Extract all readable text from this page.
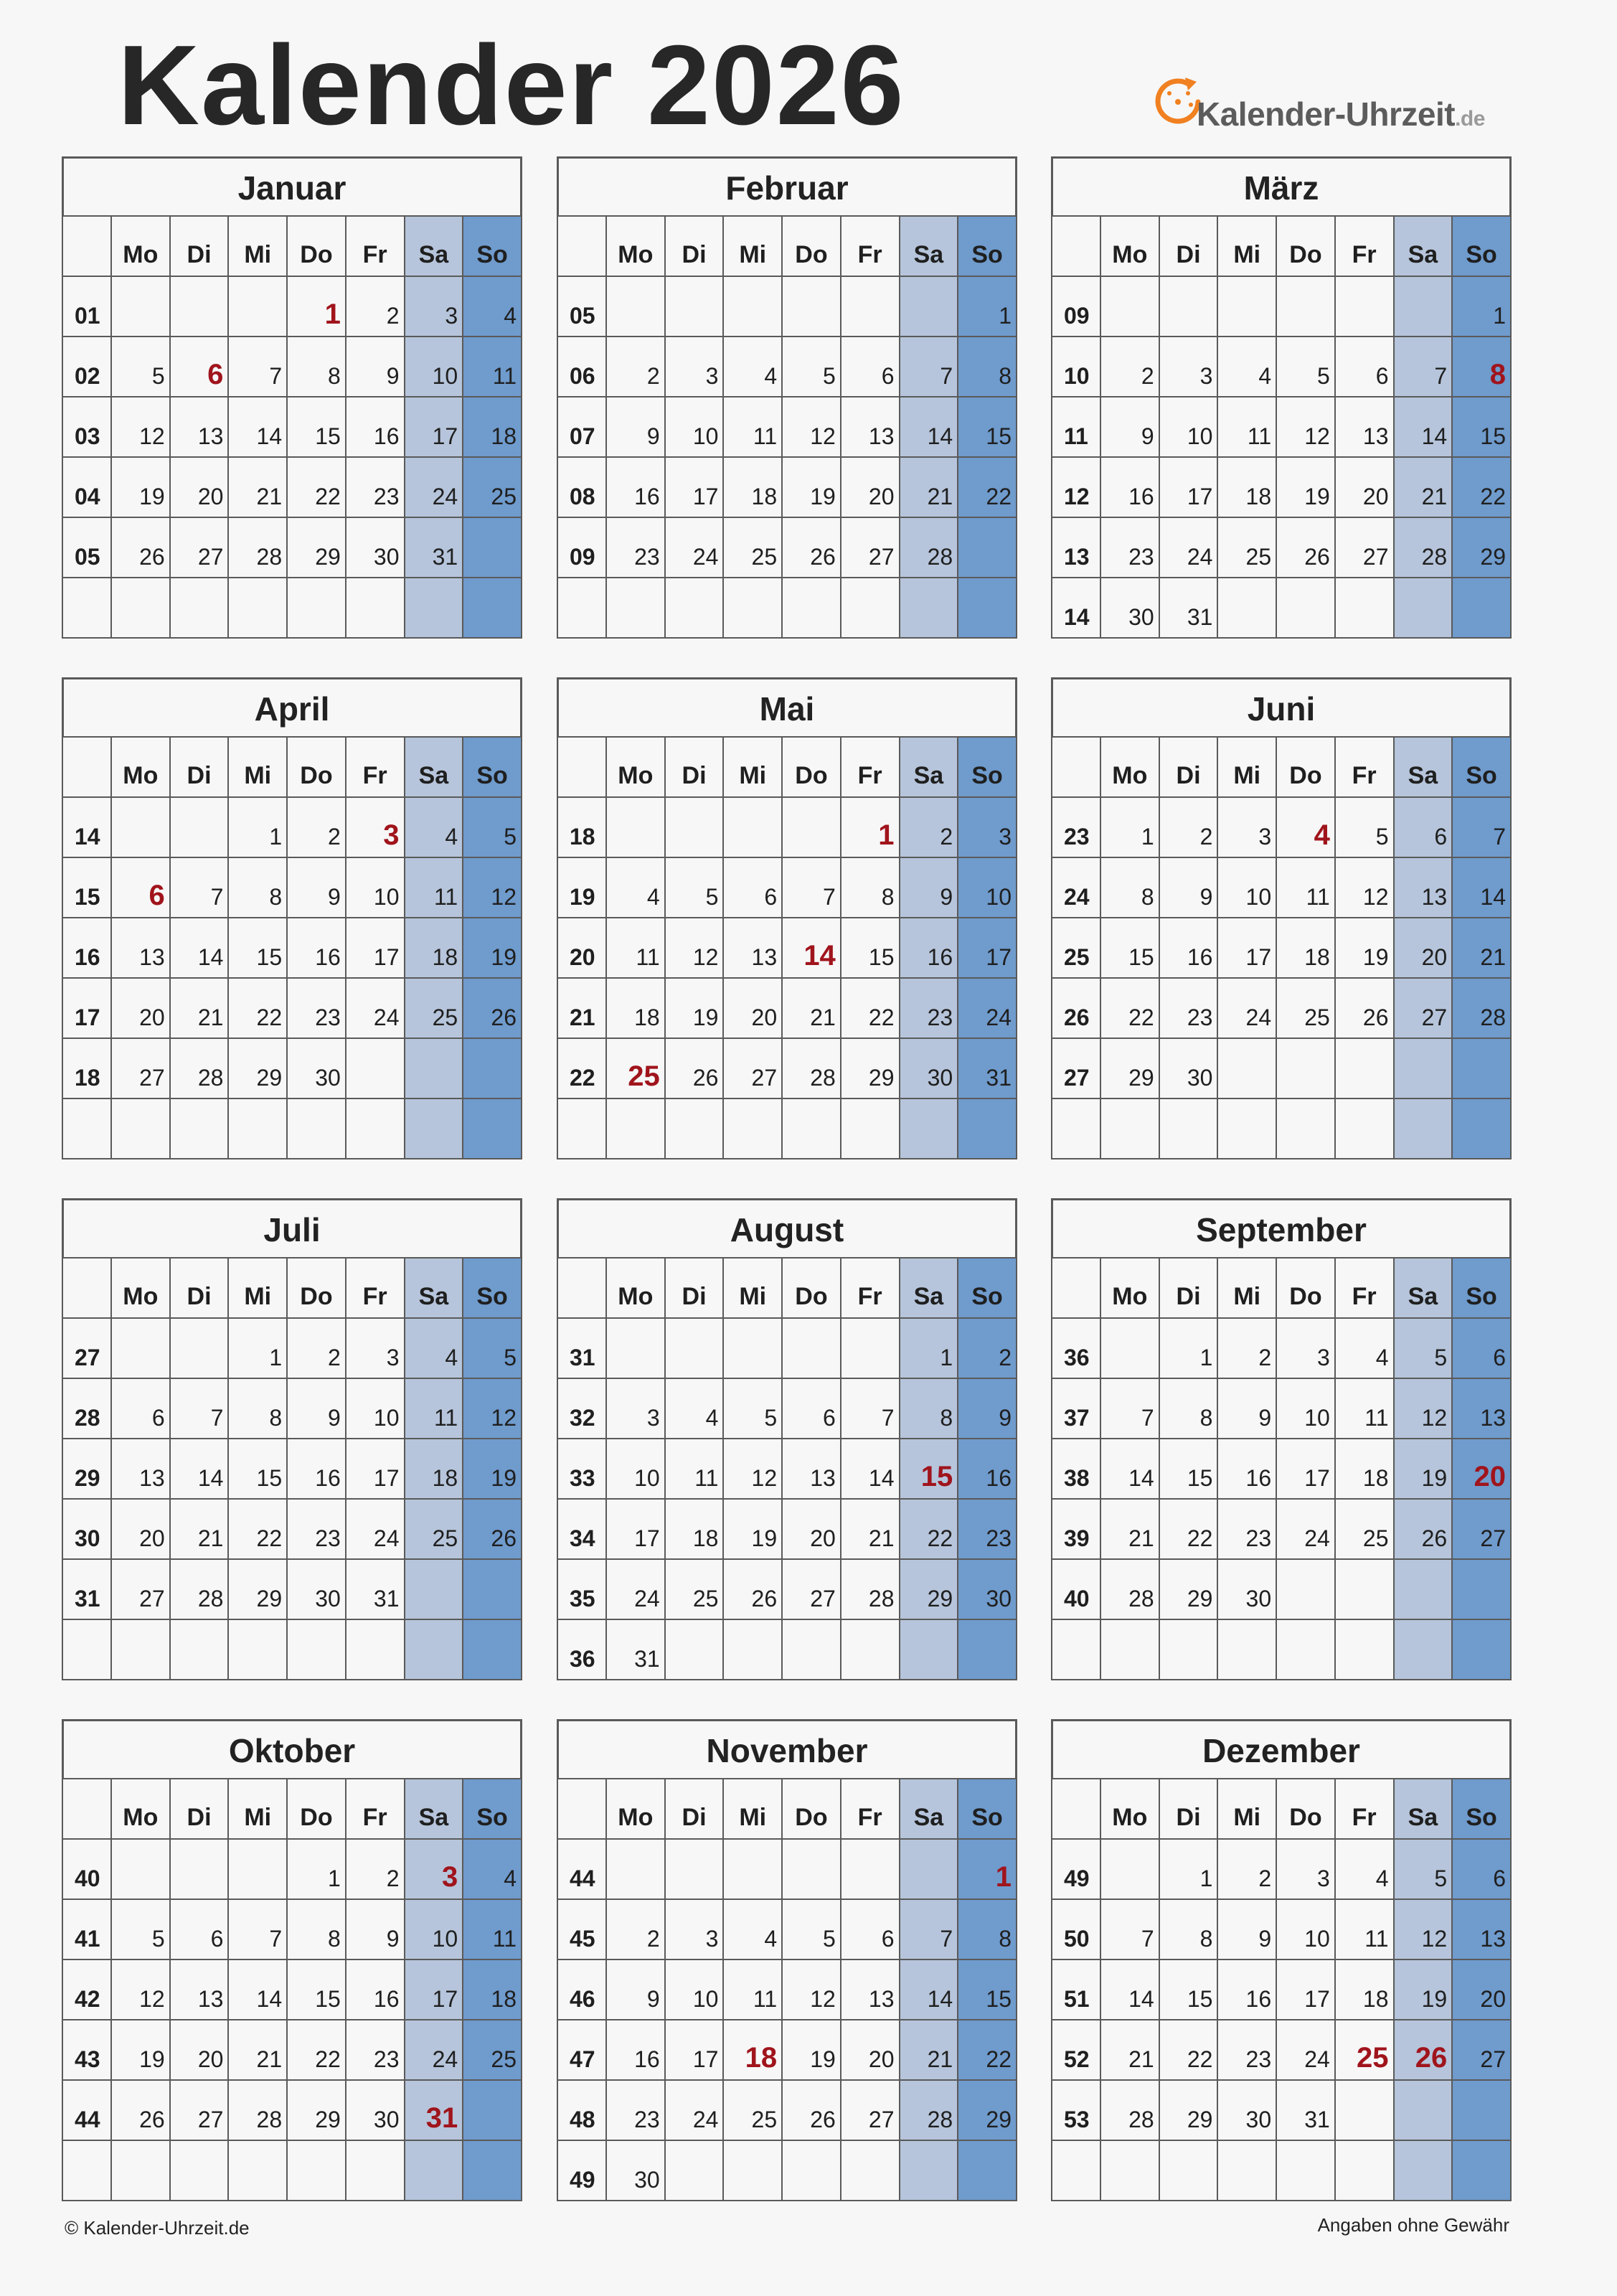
Kalender 2026	Kalender-Uhrzeit.de
Januar
	Mo	Di	Mi	Do	Fr	Sa	So
01				1	2	3	4
02	5	6	7	8	9	10	11
03	12	13	14	15	16	17	18
04	19	20	21	22	23	24	25
05	26	27	28	29	30	31	

Februar
	Mo	Di	Mi	Do	Fr	Sa	So
05							1
06	2	3	4	5	6	7	8
07	9	10	11	12	13	14	15
08	16	17	18	19	20	21	22
09	23	24	25	26	27	28	

März
	Mo	Di	Mi	Do	Fr	Sa	So
09							1
10	2	3	4	5	6	7	8
11	9	10	11	12	13	14	15
12	16	17	18	19	20	21	22
13	23	24	25	26	27	28	29
14	30	31					
April
	Mo	Di	Mi	Do	Fr	Sa	So
14			1	2	3	4	5
15	6	7	8	9	10	11	12
16	13	14	15	16	17	18	19
17	20	21	22	23	24	25	26
18	27	28	29	30			

Mai
	Mo	Di	Mi	Do	Fr	Sa	So
18					1	2	3
19	4	5	6	7	8	9	10
20	11	12	13	14	15	16	17
21	18	19	20	21	22	23	24
22	25	26	27	28	29	30	31

Juni
	Mo	Di	Mi	Do	Fr	Sa	So
23	1	2	3	4	5	6	7
24	8	9	10	11	12	13	14
25	15	16	17	18	19	20	21
26	22	23	24	25	26	27	28
27	29	30					

Juli
	Mo	Di	Mi	Do	Fr	Sa	So
27			1	2	3	4	5
28	6	7	8	9	10	11	12
29	13	14	15	16	17	18	19
30	20	21	22	23	24	25	26
31	27	28	29	30	31		

August
	Mo	Di	Mi	Do	Fr	Sa	So
31						1	2
32	3	4	5	6	7	8	9
33	10	11	12	13	14	15	16
34	17	18	19	20	21	22	23
35	24	25	26	27	28	29	30
36	31						
September
	Mo	Di	Mi	Do	Fr	Sa	So
36		1	2	3	4	5	6
37	7	8	9	10	11	12	13
38	14	15	16	17	18	19	20
39	21	22	23	24	25	26	27
40	28	29	30				

Oktober
	Mo	Di	Mi	Do	Fr	Sa	So
40				1	2	3	4
41	5	6	7	8	9	10	11
42	12	13	14	15	16	17	18
43	19	20	21	22	23	24	25
44	26	27	28	29	30	31	

November
	Mo	Di	Mi	Do	Fr	Sa	So
44							1
45	2	3	4	5	6	7	8
46	9	10	11	12	13	14	15
47	16	17	18	19	20	21	22
48	23	24	25	26	27	28	29
49	30						
Dezember
	Mo	Di	Mi	Do	Fr	Sa	So
49		1	2	3	4	5	6
50	7	8	9	10	11	12	13
51	14	15	16	17	18	19	20
52	21	22	23	24	25	26	27
53	28	29	30	31			

© Kalender-Uhrzeit.de	Angaben ohne Gewähr
